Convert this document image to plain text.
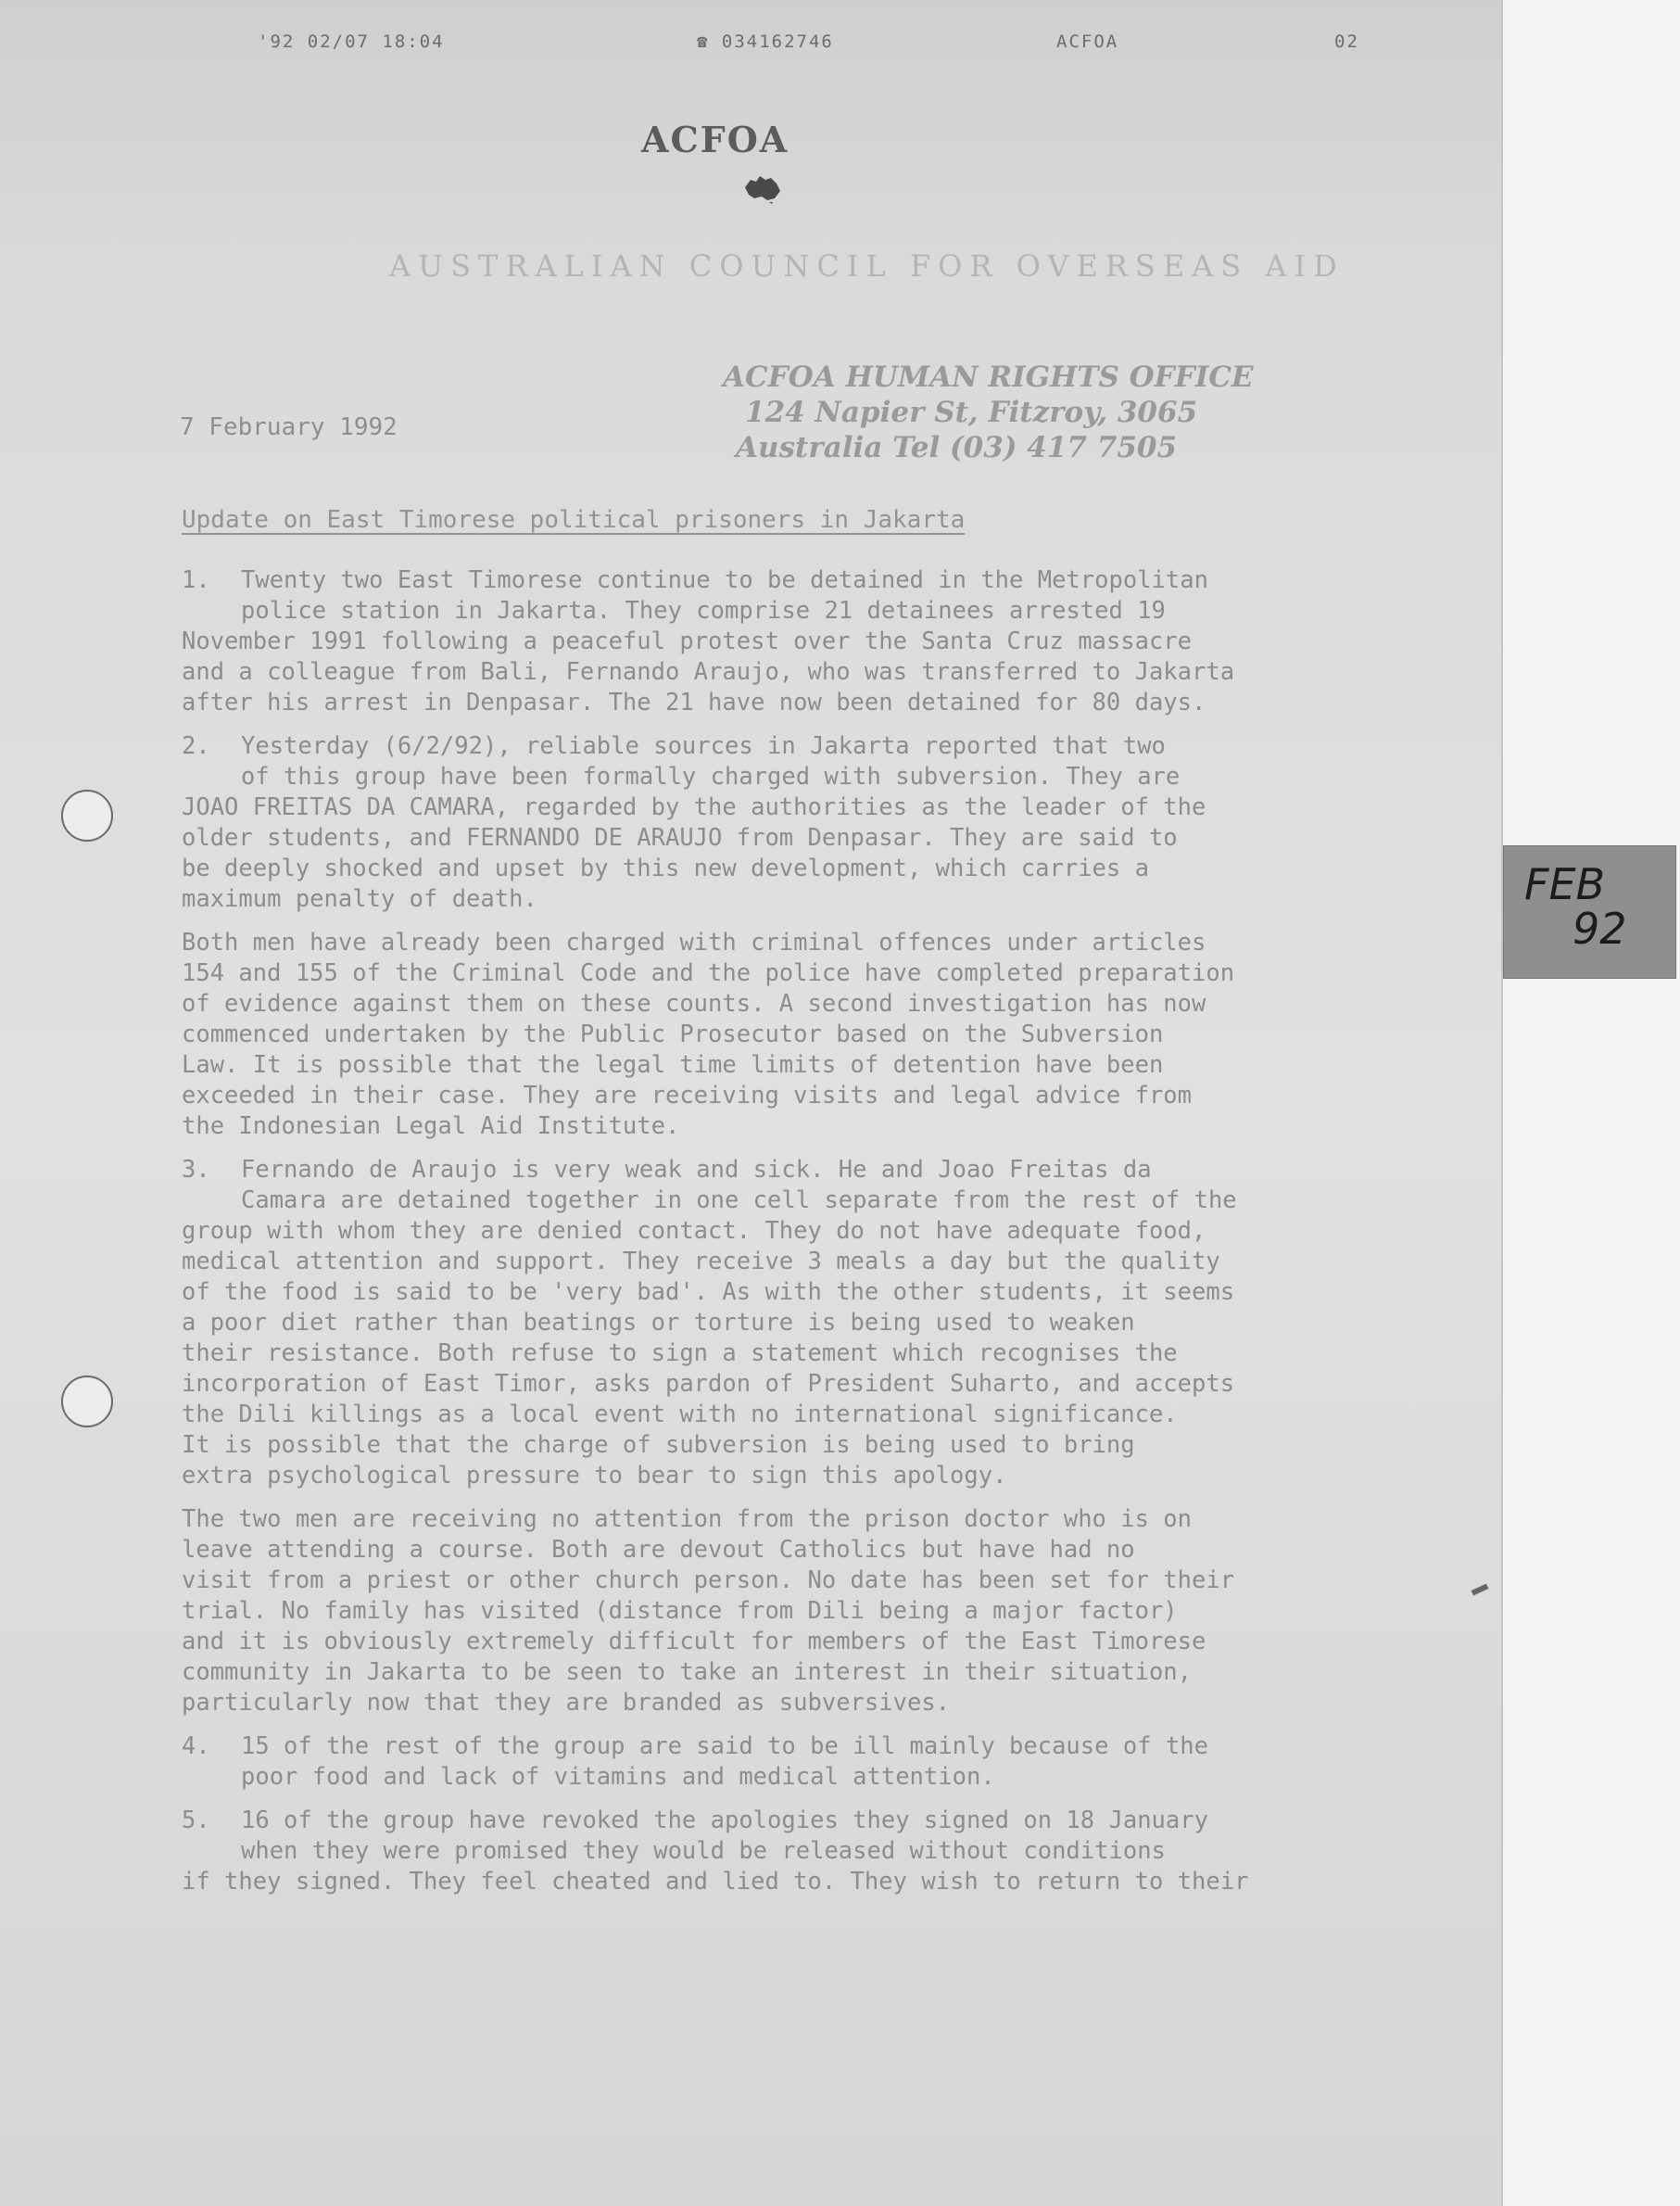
'92 02/07 18:04	☎ 034162746	ACFOA	02
ACFOA
AUSTRALIAN COUNCIL FOR OVERSEAS AID
ACFOA HUMAN RIGHTS OFFICE
124 Napier St, Fitzroy, 3065
Australia Tel (03) 417 7505
7 February 1992
Update on East Timorese political prisoners in Jakarta
1. Twenty two East Timorese continue to be detained in the Metropolitan
police station in Jakarta. They comprise 21 detainees arrested 19
November 1991 following a peaceful protest over the Santa Cruz massacre
and a colleague from Bali, Fernando Araujo, who was transferred to Jakarta
after his arrest in Denpasar. The 21 have now been detained for 80 days.
2. Yesterday (6/2/92), reliable sources in Jakarta reported that two
of this group have been formally charged with subversion. They are
JOAO FREITAS DA CAMARA, regarded by the authorities as the leader of the
older students, and FERNANDO DE ARAUJO from Denpasar. They are said to
be deeply shocked and upset by this new development, which carries a
maximum penalty of death.
Both men have already been charged with criminal offences under articles
154 and 155 of the Criminal Code and the police have completed preparation
of evidence against them on these counts. A second investigation has now
commenced undertaken by the Public Prosecutor based on the Subversion
Law. It is possible that the legal time limits of detention have been
exceeded in their case. They are receiving visits and legal advice from
the Indonesian Legal Aid Institute.
3. Fernando de Araujo is very weak and sick. He and Joao Freitas da
Camara are detained together in one cell separate from the rest of the
group with whom they are denied contact. They do not have adequate food,
medical attention and support. They receive 3 meals a day but the quality
of the food is said to be 'very bad'. As with the other students, it seems
a poor diet rather than beatings or torture is being used to weaken
their resistance. Both refuse to sign a statement which recognises the
incorporation of East Timor, asks pardon of President Suharto, and accepts
the Dili killings as a local event with no international significance.
It is possible that the charge of subversion is being used to bring
extra psychological pressure to bear to sign this apology.
The two men are receiving no attention from the prison doctor who is on
leave attending a course. Both are devout Catholics but have had no
visit from a priest or other church person. No date has been set for their
trial. No family has visited (distance from Dili being a major factor)
and it is obviously extremely difficult for members of the East Timorese
community in Jakarta to be seen to take an interest in their situation,
particularly now that they are branded as subversives.
4. 15 of the rest of the group are said to be ill mainly because of the
poor food and lack of vitamins and medical attention.
5. 16 of the group have revoked the apologies they signed on 18 January
when they were promised they would be released without conditions
if they signed. They feel cheated and lied to. They wish to return to their
FEB
92
